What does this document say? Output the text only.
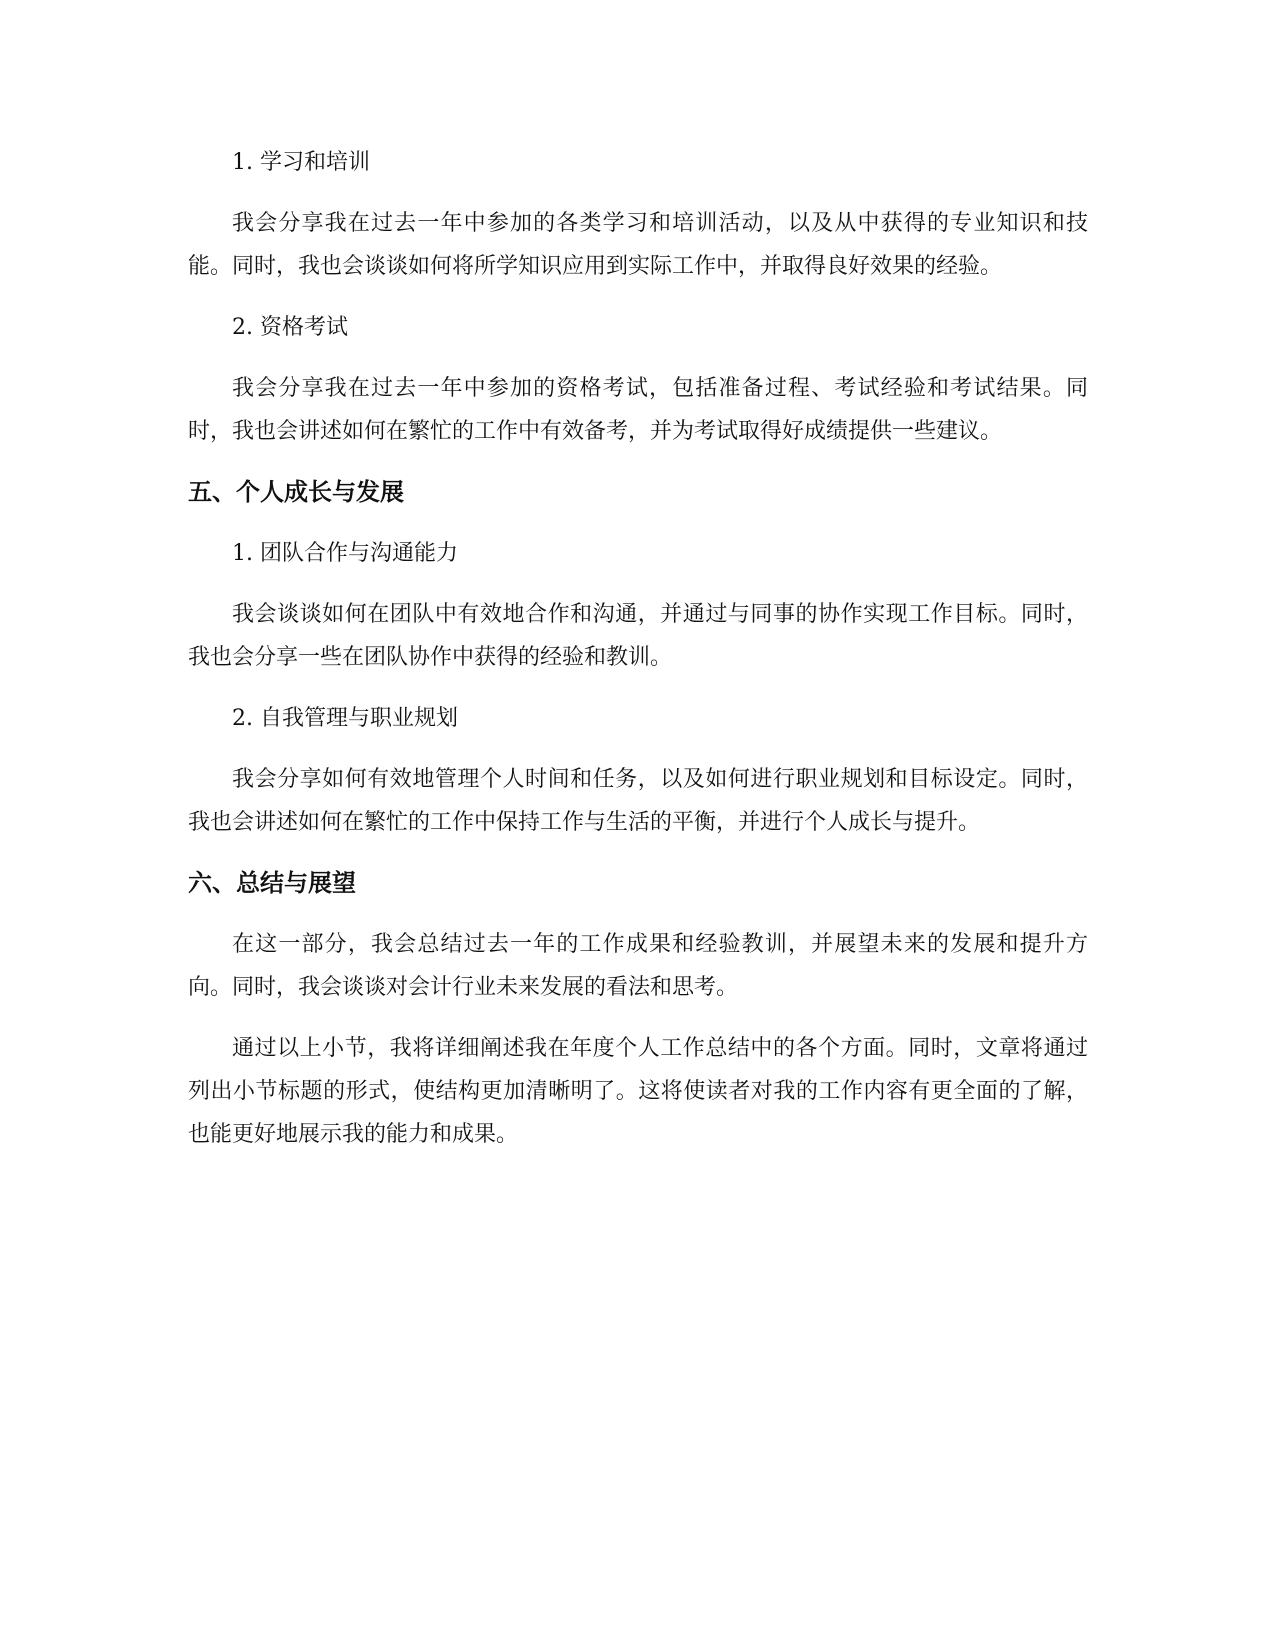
1. 学习和培训

我会分享我在过去一年中参加的各类学习和培训活动，以及从中获得的专业知识和技能。同时，我也会谈谈如何将所学知识应用到实际工作中，并取得良好效果的经验。

2. 资格考试

我会分享我在过去一年中参加的资格考试，包括准备过程、考试经验和考试结果。同时，我也会讲述如何在繁忙的工作中有效备考，并为考试取得好成绩提供一些建议。

五、个人成长与发展
1. 团队合作与沟通能力

我会谈谈如何在团队中有效地合作和沟通，并通过与同事的协作实现工作目标。同时，我也会分享一些在团队协作中获得的经验和教训。

2. 自我管理与职业规划

我会分享如何有效地管理个人时间和任务，以及如何进行职业规划和目标设定。同时，我也会讲述如何在繁忙的工作中保持工作与生活的平衡，并进行个人成长与提升。

六、总结与展望

在这一部分，我会总结过去一年的工作成果和经验教训，并展望未来的发展和提升方向。同时，我会谈谈对会计行业未来发展的看法和思考。

通过以上小节，我将详细阐述我在年度个人工作总结中的各个方面。同时，文章将通过列出小节标题的形式，使结构更加清晰明了。这将使读者对我的工作内容有更全面的了解，也能更好地展示我的能力和成果。
